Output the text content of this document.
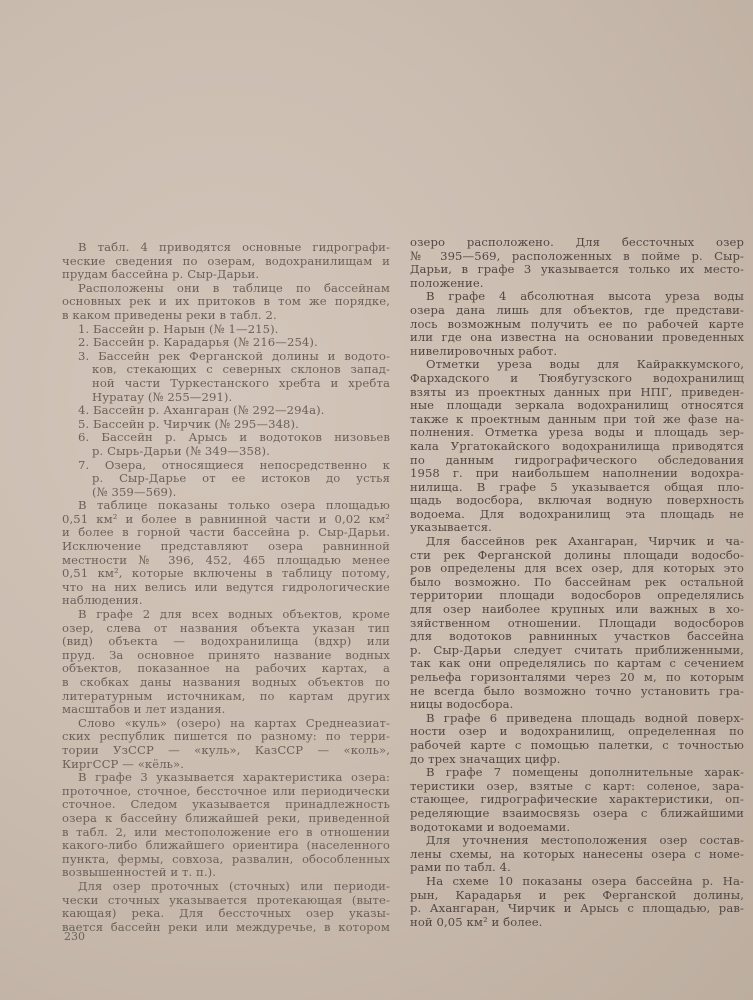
В табл. 4 приводятся основные гидрографи-
ческие сведения по озерам, водохранилищам и
прудам бассейна р. Сыр-Дарьи.
Расположены они в таблице по бассейнам
основных рек и их притоков в том же порядке,
в каком приведены реки в табл. 2.
1. Бассейн р. Нарын (№ 1—215).
2. Бассейн р. Карадарья (№ 216—254).
3. Бассейн рек Ферганской долины и водото-
ков, стекающих с северных склонов запад-
ной части Туркестанского хребта и хребта
Нуратау (№ 255—291).
4. Бассейн р. Ахангаран (№ 292—294а).
5. Бассейн р. Чирчик (№ 295—348).
6. Бассейн р. Арысь и водотоков низовьев
р. Сырь-Дарьи (№ 349—358).
7. Озера, относящиеся непосредственно к
р. Сыр-Дарье от ее истоков до устья
(№ 359—569).
В таблице показаны только озера площадью
0,51 км² и более в равнинной части и 0,02 км²
и более в горной части бассейна р. Сыр-Дарьи.
Исключение представляют озера равнинной
местности № 396, 452, 465 площадью менее
0,51 км², которые включены в таблицу потому,
что на них велись или ведутся гидрологические
наблюдения.
В графе 2 для всех водных объектов, кроме
озер, слева от названия объекта указан тип
(вид) объекта — водохранилища (вдхр) или
пруд. За основное принято название водных
объектов, показанное на рабочих картах, а
в скобках даны названия водных объектов по
литературным источникам, по картам других
масштабов и лет издания.
Слово «куль» (озеро) на картах Среднеазиат-
ских республик пишется по разному: по терри-
тории УзССР — «куль», КазССР — «коль»,
КиргССР — «кёль».
В графе 3 указывается характеристика озера:
проточное, сточное, бессточное или периодически
сточное. Следом указывается принадлежность
озера к бассейну ближайшей реки, приведенной
в табл. 2, или местоположение его в отношении
какого-либо ближайшего ориентира (населенного
пункта, фермы, совхоза, развалин, обособленных
возвышенностей и т. п.).
Для озер проточных (сточных) или периоди-
чески сточных указывается протекающая (выте-
кающая) река. Для бессточных озер указы-
вается бассейн реки или междуречье, в котором
озеро расположено. Для бессточных озер
№ 395—569, расположенных в пойме р. Сыр-
Дарьи, в графе 3 указывается только их место-
положение.
В графе 4 абсолютная высота уреза воды
озера дана лишь для объектов, где представи-
лось возможным получить ее по рабочей карте
или где она известна на основании проведенных
нивелировочных работ.
Отметки уреза воды для Кайраккумского,
Фархадского и Тюябугузского водохранилищ
взяты из проектных данных при НПГ, приведен-
ные площади зеркала водохранилищ относятся
также к проектным данным при той же фазе на-
полнения. Отметка уреза воды и площадь зер-
кала Ургатокайского водохранилища приводятся
по данным гидрографического обследования
1958 г. при наибольшем наполнении водохра-
нилища. В графе 5 указывается общая пло-
щадь водосбора, включая водную поверхность
водоема. Для водохранилищ эта площадь не
указывается.
Для бассейнов рек Ахангаран, Чирчик и ча-
сти рек Ферганской долины площади водосбо-
ров определены для всех озер, для которых это
было возможно. По бассейнам рек остальной
территории площади водосборов определялись
для озер наиболее крупных или важных в хо-
зяйственном отношении. Площади водосборов
для водотоков равнинных участков бассейна
р. Сыр-Дарьи следует считать приближенными,
так как они определялись по картам с сечением
рельефа горизонталями через 20 м, по которым
не всегда было возможно точно установить гра-
ницы водосбора.
В графе 6 приведена площадь водной поверх-
ности озер и водохранилищ, определенная по
рабочей карте с помощью палетки, с точностью
до трех значащих цифр.
В графе 7 помещены дополнительные харак-
теристики озер, взятые с карт: соленое, зара-
стающее, гидрографические характеристики, оп-
ределяющие взаимосвязь озера с ближайшими
водотоками и водоемами.
Для уточнения местоположения озер состав-
лены схемы, на которых нанесены озера с номе-
рами по табл. 4.
На схеме 10 показаны озера бассейна р. На-
рын, Карадарья и рек Ферганской долины,
р. Ахангаран, Чирчик и Арысь с площадью, рав-
ной 0,05 км² и более.
230
